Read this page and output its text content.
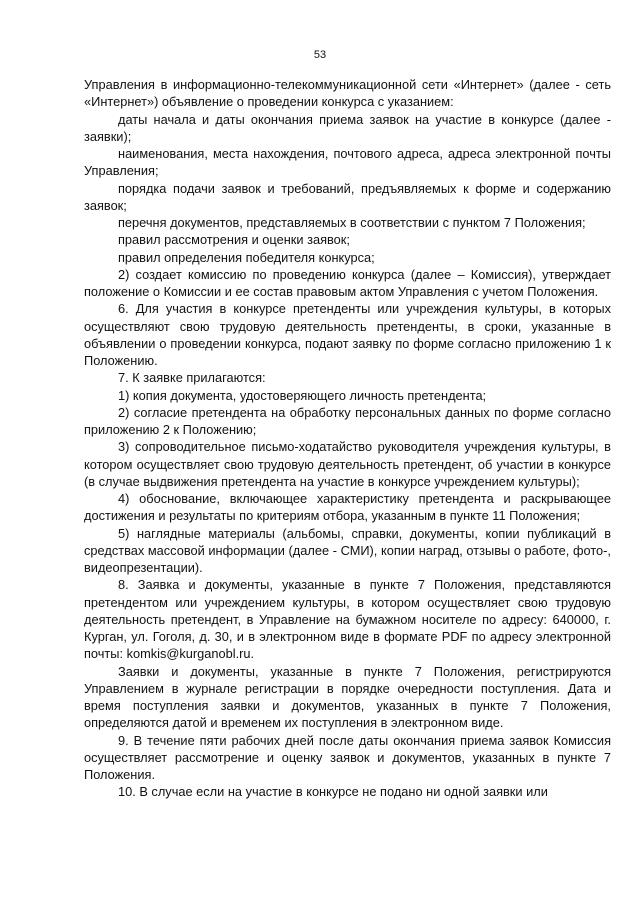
53

Управления в информационно-телекоммуникационной сети «Интернет» (далее - сеть «Интернет») объявление о проведении конкурса с указанием:

даты начала и даты окончания приема заявок на участие в конкурсе (далее - заявки);

наименования, места нахождения, почтового адреса, адреса электронной почты Управления;

порядка подачи заявок и требований, предъявляемых к форме и содержанию заявок;

перечня документов, представляемых в соответствии с пунктом 7 Положения;

правил рассмотрения и оценки заявок;

правил определения победителя конкурса;

2) создает комиссию по проведению конкурса (далее – Комиссия), утверждает положение о Комиссии и ее состав правовым актом Управления с учетом Положения.

6. Для участия в конкурсе претенденты или учреждения культуры, в которых осуществляют свою трудовую деятельность претенденты, в сроки, указанные в объявлении о проведении конкурса, подают заявку по форме согласно приложению 1 к Положению.

7. К заявке прилагаются:

1) копия документа, удостоверяющего личность претендента;

2) согласие претендента на обработку персональных данных по форме согласно приложению 2 к Положению;

3) сопроводительное письмо-ходатайство руководителя учреждения культуры, в котором осуществляет свою трудовую деятельность претендент, об участии в конкурсе (в случае выдвижения претендента на участие в конкурсе учреждением культуры);

4) обоснование, включающее характеристику претендента и раскрывающее достижения и результаты по критериям отбора, указанным в пункте 11 Положения;

5) наглядные материалы (альбомы, справки, документы, копии публикаций в средствах массовой информации (далее - СМИ), копии наград, отзывы о работе, фото-, видеопрезентации).

8. Заявка и документы, указанные в пункте 7 Положения, представляются претендентом или учреждением культуры, в котором осуществляет свою трудовую деятельность претендент, в Управление на бумажном носителе по адресу: 640000, г. Курган, ул. Гоголя, д. 30, и в электронном виде в формате PDF по адресу электронной почты: komkis@kurganobl.ru.

Заявки и документы, указанные в пункте 7 Положения, регистрируются Управлением в журнале регистрации в порядке очередности поступления. Дата и время поступления заявки и документов, указанных в пункте 7 Положения, определяются датой и временем их поступления в электронном виде.

9. В течение пяти рабочих дней после даты окончания приема заявок Комиссия осуществляет рассмотрение и оценку заявок и документов, указанных в пункте 7 Положения.

10. В случае если на участие в конкурсе не подано ни одной заявки или
